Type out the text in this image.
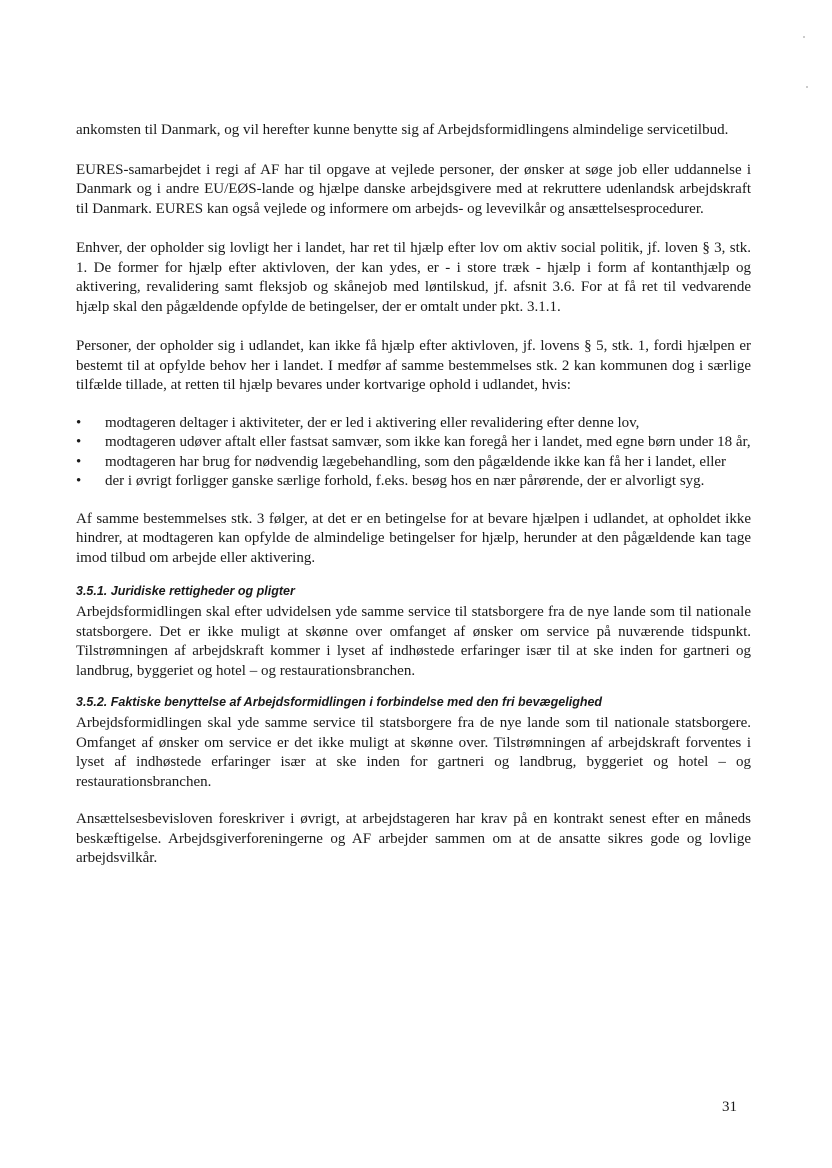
ankomsten til Danmark, og vil herefter kunne benytte sig af Arbejdsformidlingens almindelige servicetilbud.

EURES-samarbejdet i regi af AF har til opgave at vejlede personer, der ønsker at søge job eller uddannelse i Danmark og i andre EU/EØS-lande og hjælpe danske arbejdsgivere med at rekruttere udenlandsk arbejdskraft til Danmark. EURES kan også vejlede og informere om arbejds- og levevilkår og ansættelsesprocedurer.

Enhver, der opholder sig lovligt her i landet, har ret til hjælp efter lov om aktiv social politik, jf. loven § 3, stk. 1. De former for hjælp efter aktivloven, der kan ydes, er - i store træk - hjælp i form af kontanthjælp og aktivering, revalidering samt fleksjob og skånejob med løntilskud, jf. afsnit 3.6. For at få ret til vedvarende hjælp skal den pågældende opfylde de betingelser, der er omtalt under pkt. 3.1.1.

Personer, der opholder sig i udlandet, kan ikke få hjælp efter aktivloven, jf. lovens § 5, stk. 1, fordi hjælpen er bestemt til at opfylde behov her i landet. I medfør af samme bestemmelses stk. 2 kan kommunen dog i særlige tilfælde tillade, at retten til hjælp bevares under kortvarige ophold i udlandet, hvis:

•	modtageren deltager i aktiviteter, der er led i aktivering eller revalidering efter denne lov,
•	modtageren udøver aftalt eller fastsat samvær, som ikke kan foregå her i landet, med egne børn under 18 år,
•	modtageren har brug for nødvendig lægebehandling, som den pågældende ikke kan få her i landet, eller
•	der i øvrigt forligger ganske særlige forhold, f.eks. besøg hos en nær pårørende, der er alvorligt syg.

Af samme bestemmelses stk. 3 følger, at det er en betingelse for at bevare hjælpen i udlandet, at opholdet ikke hindrer, at modtageren kan opfylde de almindelige betingelser for hjælp, herunder at den pågældende kan tage imod tilbud om arbejde eller aktivering.

3.5.1. Juridiske rettigheder og pligter

Arbejdsformidlingen skal efter udvidelsen yde samme service til statsborgere fra de nye lande som til nationale statsborgere. Det er ikke muligt at skønne over omfanget af ønsker om service på nuværende tidspunkt. Tilstrømningen af arbejdskraft kommer i lyset af indhøstede erfaringer især til at ske inden for gartneri og landbrug, byggeriet og hotel – og restaurationsbranchen.

3.5.2. Faktiske benyttelse af Arbejdsformidlingen i forbindelse med den fri bevægelighed

Arbejdsformidlingen skal yde samme service til statsborgere fra de nye lande som til nationale statsborgere. Omfanget af ønsker om service er det ikke muligt at skønne over. Tilstrømningen af arbejdskraft forventes i lyset af indhøstede erfaringer især at ske inden for gartneri og landbrug, byggeriet og hotel – og restaurationsbranchen.

Ansættelsesbevisloven foreskriver i øvrigt, at arbejdstageren har krav på en kontrakt senest efter en måneds beskæftigelse. Arbejdsgiverforeningerne og AF arbejder sammen om at de ansatte sikres gode og lovlige arbejdsvilkår.

31
